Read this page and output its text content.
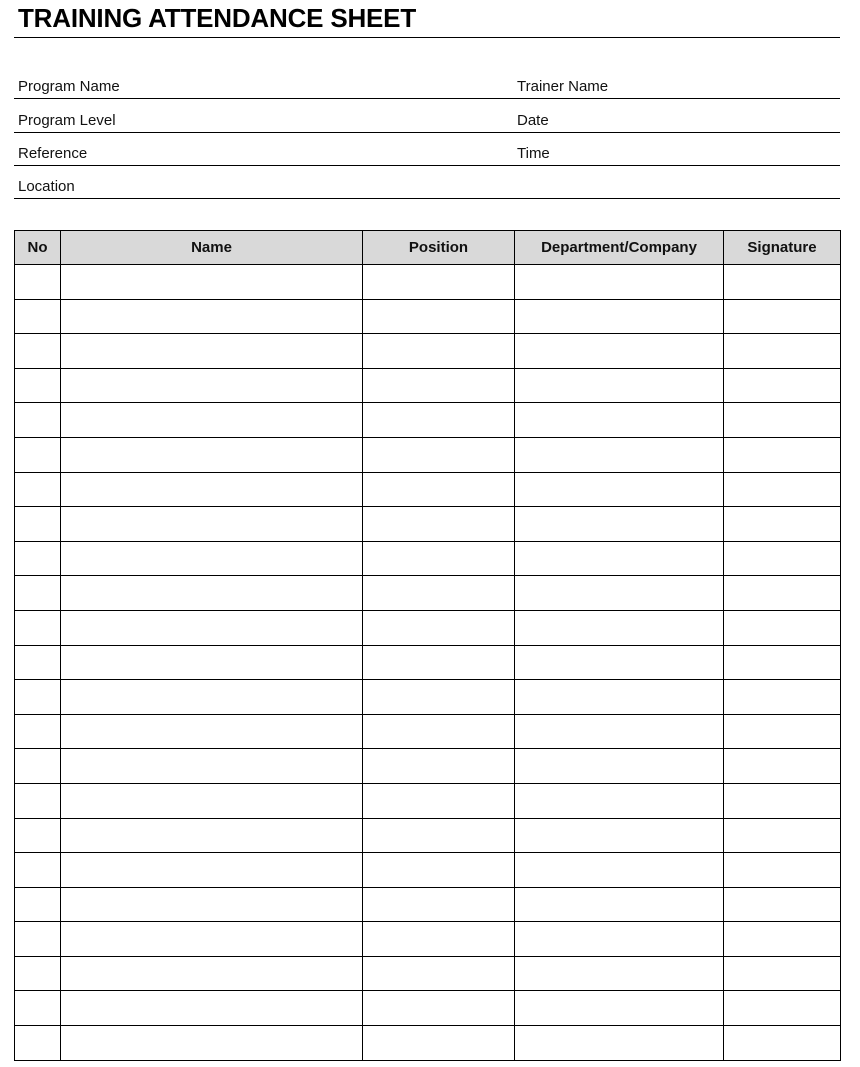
TRAINING ATTENDANCE SHEET
Program Name	Trainer Name
Program Level	Date
Reference	Time
Location
No	Name	Position	Department/Company	Signature
